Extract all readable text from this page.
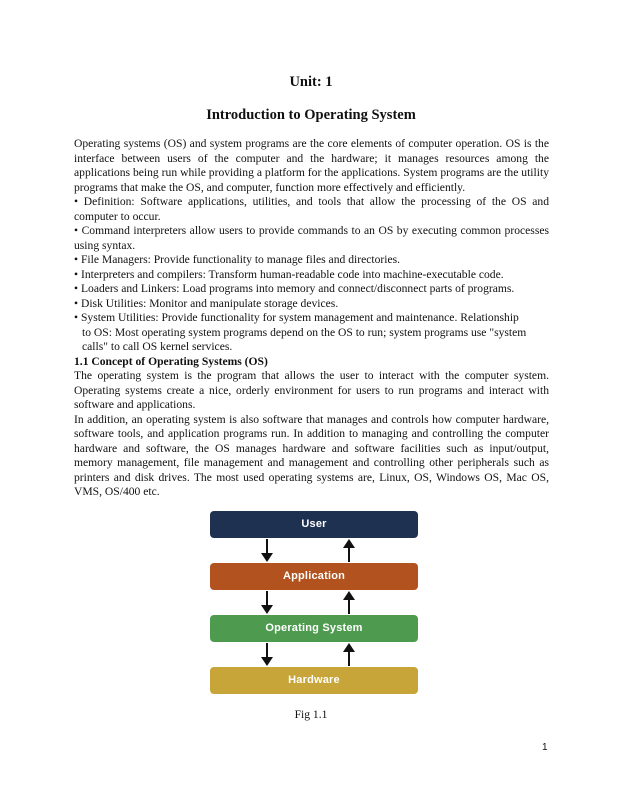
Unit: 1
Introduction to Operating System

Operating systems (OS) and system programs are the core elements of computer operation. OS is the interface between users of the computer and the hardware; it manages resources among the applications being run while providing a platform for the applications. System programs are the utility programs that make the OS, and computer, function more effectively and efficiently.

• Definition: Software applications, utilities, and tools that allow the processing of the OS and computer to occur.

• Command interpreters allow users to provide commands to an OS by executing common processes using syntax.

• File Managers: Provide functionality to manage files and directories.

• Interpreters and compilers: Transform human-readable code into machine-executable code.

• Loaders and Linkers: Load programs into memory and connect/disconnect parts of programs.

• Disk Utilities: Monitor and manipulate storage devices.

• System Utilities: Provide functionality for system management and maintenance. Relationship

to OS: Most operating system programs depend on the OS to run; system programs use "system calls" to call OS kernel services.

1.1 Concept of Operating Systems (OS)

The operating system is the program that allows the user to interact with the computer system. Operating systems create a nice, orderly environment for users to run programs and interact with software and applications.

In addition, an operating system is also software that manages and controls how computer hardware, software tools, and application programs run. In addition to managing and controlling the computer hardware and software, the OS manages hardware and software facilities such as input/output, memory management, file management and management and controlling other peripherals such as printers and disk drives. The most used operating systems are, Linux, OS, Windows OS, Mac OS, VMS, OS/400 etc.

User
Application
Operating System
Hardware
Fig 1.1
1
